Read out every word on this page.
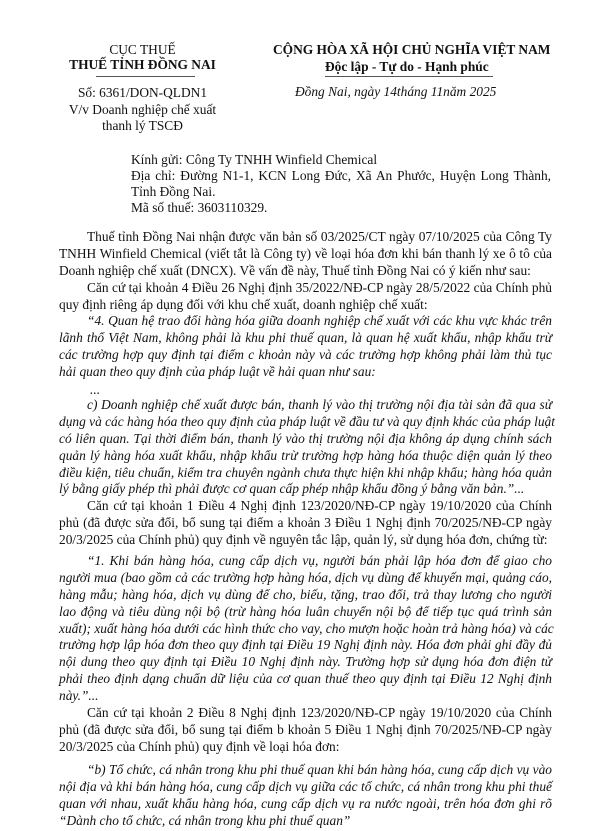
CỤC THUẾ
THUẾ TỈNH ĐỒNG NAI
Số: 6361/DON-QLDN1
V/v Doanh nghiệp chế xuất
thanh lý TSCĐ
CỘNG HÒA XÃ HỘI CHỦ NGHĨA VIỆT NAM
Độc lập - Tự do - Hạnh phúc
Đồng Nai, ngày 14tháng 11năm 2025
Kính gửi: Công Ty TNHH Winfield Chemical
Địa chỉ: Đường N1-1, KCN Long Đức, Xã An Phước, Huyện Long Thành,
Tỉnh Đồng Nai.
Mã số thuế: 3603110329.
Thuế tỉnh Đồng Nai nhận được văn bản số 03/2025/CT ngày 07/10/2025 của Công Ty
TNHH Winfield Chemical (viết tắt là Công ty) về loại hóa đơn khi bán thanh lý xe ô tô của
Doanh nghiệp chế xuất (DNCX). Về vấn đề này, Thuế tỉnh Đồng Nai có ý kiến như sau:
Căn cứ tại khoản 4 Điều 26 Nghị định 35/2022/NĐ-CP ngày 28/5/2022 của Chính phủ
quy định riêng áp dụng đối với khu chế xuất, doanh nghiệp chế xuất:
“4. Quan hệ trao đổi hàng hóa giữa doanh nghiệp chế xuất với các khu vực khác trên
lãnh thổ Việt Nam, không phải là khu phi thuế quan, là quan hệ xuất khẩu, nhập khẩu trừ
các trường hợp quy định tại điểm c khoản này và các trường hợp không phải làm thủ tục
hải quan theo quy định của pháp luật về hải quan như sau:
...
c) Doanh nghiệp chế xuất được bán, thanh lý vào thị trường nội địa tài sản đã qua sử
dụng và các hàng hóa theo quy định của pháp luật về đầu tư và quy định khác của pháp luật
có liên quan. Tại thời điểm bán, thanh lý vào thị trường nội địa không áp dụng chính sách
quản lý hàng hóa xuất khẩu, nhập khẩu trừ trường hợp hàng hóa thuộc diện quản lý theo
điều kiện, tiêu chuẩn, kiểm tra chuyên ngành chưa thực hiện khi nhập khẩu; hàng hóa quản
lý bằng giấy phép thì phải được cơ quan cấp phép nhập khẩu đồng ý bằng văn bản.”...
Căn cứ tại khoản 1 Điều 4 Nghị định 123/2020/NĐ-CP ngày 19/10/2020 của Chính
phủ (đã được sửa đổi, bổ sung tại điểm a khoản 3 Điều 1 Nghị định 70/2025/NĐ-CP ngày
20/3/2025 của Chính phủ) quy định về nguyên tắc lập, quản lý, sử dụng hóa đơn, chứng từ:
“1. Khi bán hàng hóa, cung cấp dịch vụ, người bán phải lập hóa đơn để giao cho
người mua (bao gồm cả các trường hợp hàng hóa, dịch vụ dùng để khuyến mại, quảng cáo,
hàng mẫu; hàng hóa, dịch vụ dùng để cho, biếu, tặng, trao đổi, trả thay lương cho người
lao động và tiêu dùng nội bộ (trừ hàng hóa luân chuyển nội bộ để tiếp tục quá trình sản
xuất); xuất hàng hóa dưới các hình thức cho vay, cho mượn hoặc hoàn trả hàng hóa) và các
trường hợp lập hóa đơn theo quy định tại Điều 19 Nghị định này. Hóa đơn phải ghi đầy đủ
nội dung theo quy định tại Điều 10 Nghị định này. Trường hợp sử dụng hóa đơn điện tử
phải theo định dạng chuẩn dữ liệu của cơ quan thuế theo quy định tại Điều 12 Nghị định
này.”...
Căn cứ tại khoản 2 Điều 8 Nghị định 123/2020/NĐ-CP ngày 19/10/2020 của Chính
phủ (đã được sửa đổi, bổ sung tại điểm b khoản 5 Điều 1 Nghị định 70/2025/NĐ-CP ngày
20/3/2025 của Chính phủ) quy định về loại hóa đơn:
“b) Tổ chức, cá nhân trong khu phi thuế quan khi bán hàng hóa, cung cấp dịch vụ vào
nội địa và khi bán hàng hóa, cung cấp dịch vụ giữa các tổ chức, cá nhân trong khu phi thuế
quan với nhau, xuất khẩu hàng hóa, cung cấp dịch vụ ra nước ngoài, trên hóa đơn ghi rõ
“Dành cho tổ chức, cá nhân trong khu phi thuế quan”
